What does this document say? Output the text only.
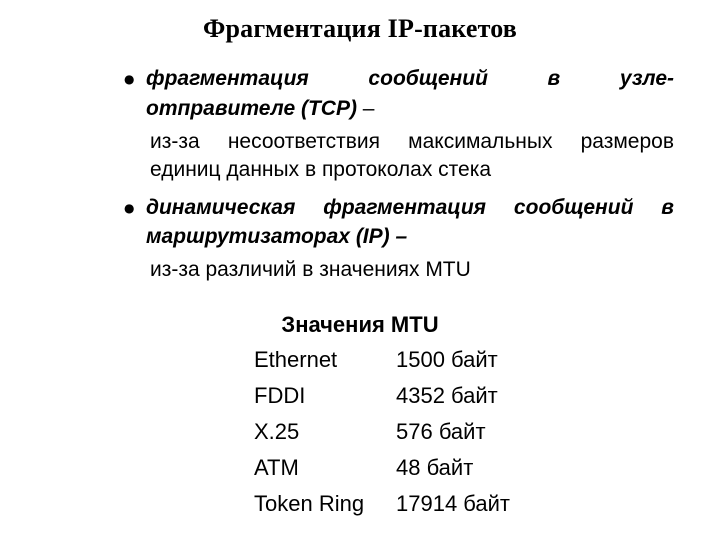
Фрагментация IP-пакетов
● фрагментация сообщений в узле-
отправителе (TCP) –
из-за несоответствия максимальных размеров
единиц данных в протоколах стека
● динамическая фрагментация сообщений в
маршрутизаторах (IP) –
из-за различий в значениях MTU
Значения MTU
Ethernet	1500 байт
FDDI	4352 байт
X.25	576 байт
ATM	48 байт
Token Ring 17914 байт
